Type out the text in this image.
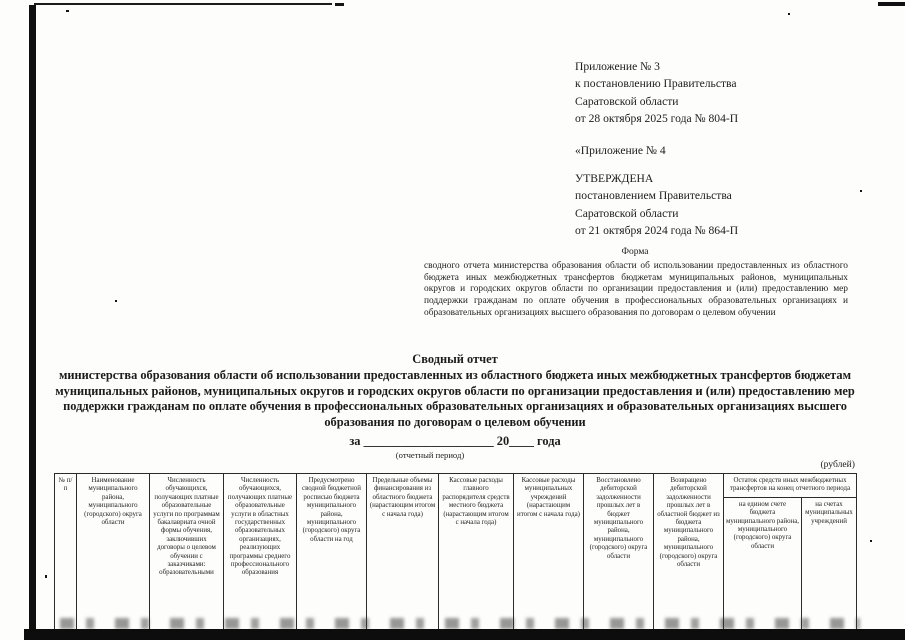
Приложение № 3
к постановлению Правительства
Саратовской области
от 28 октября 2025 года № 804-П
«Приложение № 4
УТВЕРЖДЕНА
постановлением Правительства
Саратовской области
от 21 октября 2024 года № 864-П
Форма
сводного отчета министерства образования области об использовании предоставленных из областного бюджета иных межбюджетных трансфертов бюджетам муниципальных районов, муниципальных округов и городских округов области по организации предоставления и (или) предоставлению мер поддержки гражданам по оплате обучения в профессиональных образовательных организациях и образовательных организациях высшего образования по договорам о целевом обучении
Сводный отчет
министерства образования области об использовании предоставленных из областного бюджета иных межбюджетных трансфертов бюджетам муниципальных районов, муниципальных округов и городских округов области по организации предоставления и (или) предоставлению мер поддержки гражданам по оплате обучения в профессиональных образовательных организациях и образовательных организациях высшего образования по договорам о целевом обучении
за _____________________ 20____ года
(отчетный период)
(рублей)
№ п/п	Наименование муниципального района, муниципального (городского) округа области	Численность обучающихся, получающих платные образовательные услуги по программам бакалавриата очной формы обучения, заключивших договоры о целевом обучении с заказчиками: образовательными	Численность обучающихся, получающих платные образовательные услуги в областных государственных образовательных организациях, реализующих программы среднего профессионального образования	Предусмотрено сводной бюджетной росписью бюджета муниципального района, муниципального (городского) округа области на год	Предельные объемы финансирования из областного бюджета (нарастающим итогом с начала года)	Кассовые расходы главного распорядителя средств местного бюджета (нарастающим итогом с начала года)	Кассовые расходы муниципальных учреждений (нарастающим итогом с начала года)	Восстановлено дебиторской задолженности прошлых лет в бюджет муниципального района, муниципального (городского) округа области	Возвращено дебиторской задолженности прошлых лет в областной бюджет из бюджета муниципального района, муниципального (городского) округа области	Остаток средств иных межбюджетных трансфертов на конец отчетного периода	
										на едином счете бюджета муниципального района, муниципального (городского) округа области	на счетах муниципальных учреждений
